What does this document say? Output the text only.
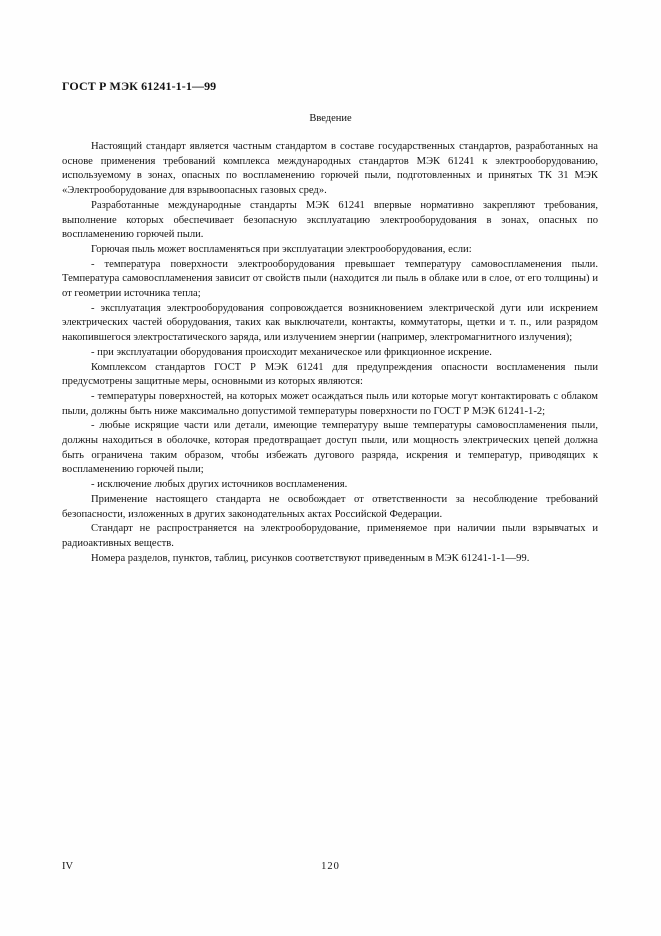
ГОСТ Р МЭК 61241-1-1—99
Введение

Настоящий стандарт является частным стандартом в составе государственных стандартов, разработанных на основе применения требований комплекса международных стандартов МЭК 61241 к электрооборудованию, используемому в зонах, опасных по воспламенению горючей пыли, подготовленных и принятых ТК 31 МЭК «Электрооборудование для взрывоопасных газовых сред».

Разработанные международные стандарты МЭК 61241 впервые нормативно закрепляют требования, выполнение которых обеспечивает безопасную эксплуатацию электрооборудования в зонах, опасных по воспламенению горючей пыли.

Горючая пыль может воспламеняться при эксплуатации электрооборудования, если:

- температура поверхности электрооборудования превышает температуру самовоспламенения пыли. Температура самовоспламенения зависит от свойств пыли (находится ли пыль в облаке или в слое, от его толщины) и от геометрии источника тепла;

- эксплуатация электрооборудования сопровождается возникновением электрической дуги или искрением электрических частей оборудования, таких как выключатели, контакты, коммутаторы, щетки и т. п., или разрядом накопившегося электростатического заряда, или излучением энергии (например, электромагнитного излучения);

- при эксплуатации оборудования происходит механическое или фрикционное искрение.

Комплексом стандартов ГОСТ Р МЭК 61241 для предупреждения опасности воспламенения пыли предусмотрены защитные меры, основными из которых являются:

- температуры поверхностей, на которых может осаждаться пыль или которые могут контактировать с облаком пыли, должны быть ниже максимально допустимой температуры поверхности по ГОСТ Р МЭК 61241-1-2;

- любые искрящие части или детали, имеющие температуру выше температуры самовоспламенения пыли, должны находиться в оболочке, которая предотвращает доступ пыли, или мощность электрических цепей должна быть ограничена таким образом, чтобы избежать дугового разряда, искрения и температур, приводящих к воспламенению горючей пыли;

- исключение любых других источников воспламенения.

Применение настоящего стандарта не освобождает от ответственности за несоблюдение требований безопасности, изложенных в других законодательных актах Российской Федерации.

Стандарт не распространяется на электрооборудование, применяемое при наличии пыли взрывчатых и радиоактивных веществ.

Номера разделов, пунктов, таблиц, рисунков соответствуют приведенным в МЭК 61241-1-1—99.

IV	120
